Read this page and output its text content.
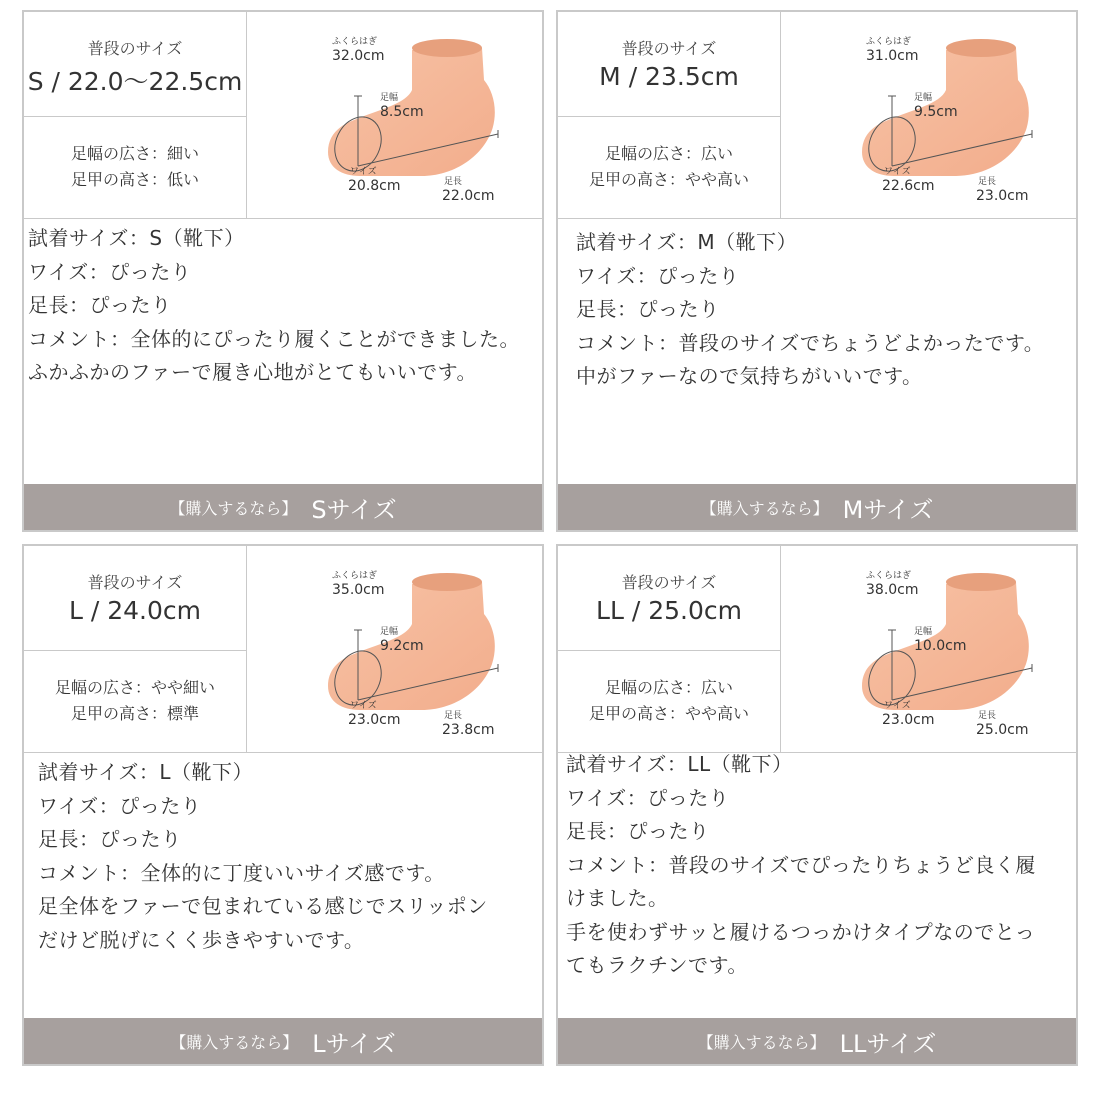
普段のサイズ
S / 22.0〜22.5cm
足幅の広さ：細い
足甲の高さ：低い
ふくらはぎ
32.0cm
足幅
8.5cm
ワイズ
20.8cm	足長
22.0cm
試着サイズ：S（靴下）
ワイズ：ぴったり
足長：ぴったり
コメント：全体的にぴったり履くことができました。
ふかふかのファーで履き心地がとてもいいです。
【購入するなら】 Sサイズ
普段のサイズ
M / 23.5cm
足幅の広さ：広い
足甲の高さ：やや高い
ふくらはぎ
31.0cm
足幅
9.5cm
ワイズ
22.6cm	足長
23.0cm
試着サイズ：M（靴下）
ワイズ：ぴったり
足長：ぴったり
コメント：普段のサイズでちょうどよかったです。
中がファーなので気持ちがいいです。
【購入するなら】 Mサイズ
普段のサイズ
L / 24.0cm
足幅の広さ：やや細い
足甲の高さ：標準
ふくらはぎ
35.0cm
足幅
9.2cm
ワイズ
23.0cm	足長
23.8cm
試着サイズ：L（靴下）
ワイズ：ぴったり
足長：ぴったり
コメント：全体的に丁度いいサイズ感です。
足全体をファーで包まれている感じでスリッポン
だけど脱げにくく歩きやすいです。
【購入するなら】 Lサイズ
普段のサイズ
LL / 25.0cm
足幅の広さ：広い
足甲の高さ：やや高い
ふくらはぎ
38.0cm
足幅
10.0cm
ワイズ
23.0cm	足長
25.0cm
試着サイズ：LL（靴下）
ワイズ：ぴったり
足長：ぴったり
コメント：普段のサイズでぴったりちょうど良く履
けました。
手を使わずサッと履けるつっかけタイプなのでとっ
てもラクチンです。
【購入するなら】 LLサイズ
